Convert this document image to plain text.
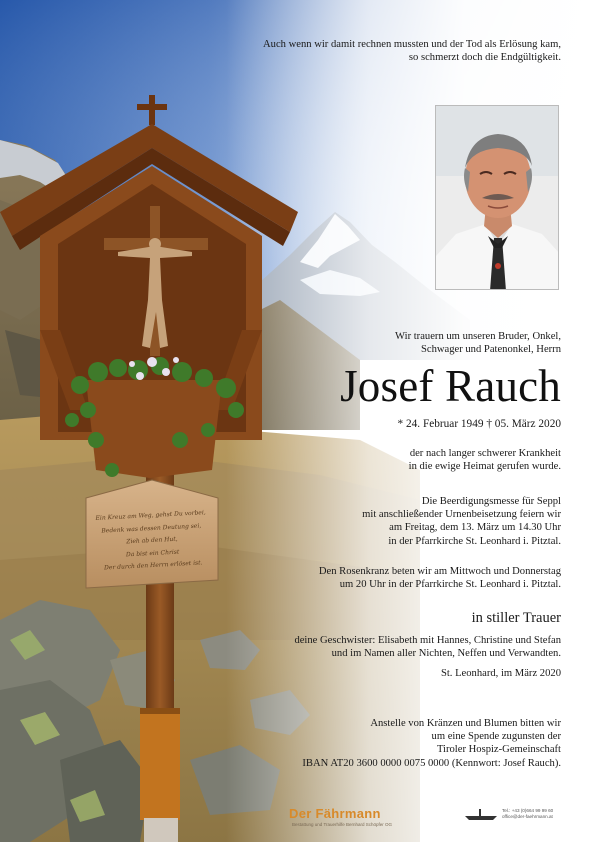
Ein Kreuz am Weg, gehst Du vorbei,
Bedenk was dessen Deutung sei,
Zieh ab den Hut,
Da bist ein Christ
Der durch den Herrn erlöset ist.
Auch wenn wir damit rechnen mussten und der Tod als Erlösung kam,
so schmerzt doch die Endgültigkeit.
Wir trauern um unseren Bruder, Onkel,
Schwager und Patenonkel, Herrn
Josef Rauch
* 24. Februar 1949 † 05. März 2020
der nach langer schwerer Krankheit
in die ewige Heimat gerufen wurde.
Die Beerdigungsmesse für Seppl
mit anschließender Urnenbeisetzung feiern wir
am Freitag, dem 13. März um 14.30 Uhr
in der Pfarrkirche St. Leonhard i. Pitztal.
Den Rosenkranz beten wir am Mittwoch und Donnerstag
um 20 Uhr in der Pfarrkirche St. Leonhard i. Pitztal.
in stiller Trauer
deine Geschwister: Elisabeth mit Hannes, Christine und Stefan
und im Namen aller Nichten, Neffen und Verwandten.
St. Leonhard, im März 2020
Anstelle von Kränzen und Blumen bitten wir
um eine Spende zugunsten der
Tiroler Hospiz-Gemeinschaft
IBAN AT20 3600 0000 0075 0000 (Kennwort: Josef Rauch).
Der Fährmann
Bestattung und Trauerhilfe Bernhard Schöpfer OG
Tel.: +43 (0)664 99 99 60
office@der-faehrmann.at
